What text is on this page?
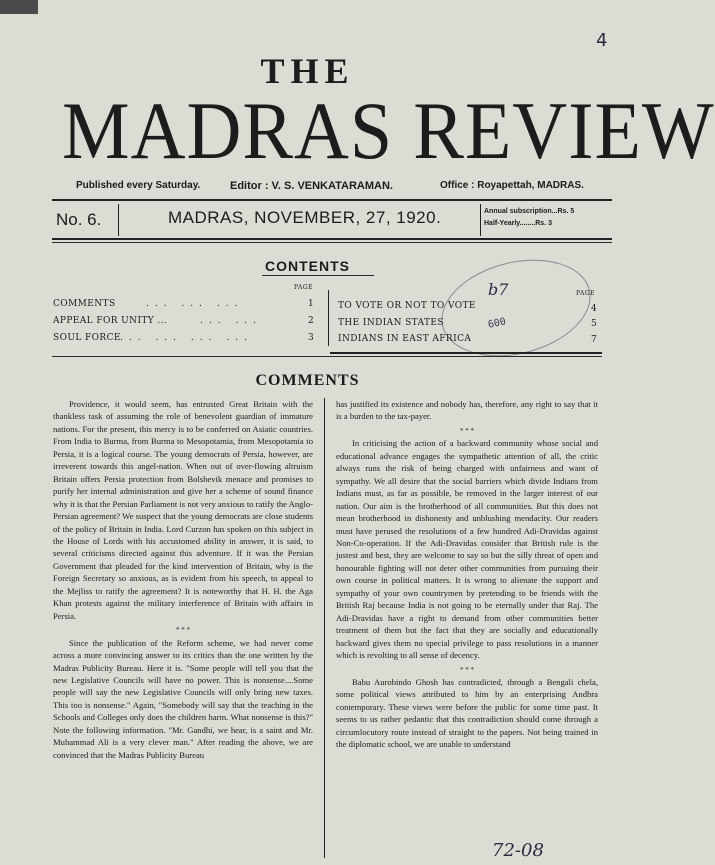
4
THE
MADRAS REVIEW
Published every Saturday.	Editor : V. S. VENKATARAMAN.	Office : Royapettah, MADRAS.
No. 6.	MADRAS, NOVEMBER, 27, 1920.	Annual subscription...Rs. 5
Half-Yearly........Rs. 3
CONTENTS
PAGE
PAGE
COMMENTS	... ... ...	1
APPEAL FOR UNITY ...	... ...	2
SOUL FORCE ... ... ... ...	3
TO VOTE OR NOT TO VOTE	4
THE INDIAN STATES	5
INDIANS IN EAST AFRICA	7
b7
600
COMMENTS

Providence, it would seem, has entrusted Great Britain with the thankless task of assuming the role of benevolent guardian of immature nations. For the present, this mercy is to be conferred on Asiatic countries. From India to Burma, from Burma to Mesopotamia, from Mesopotamia to Persia, it is a logical course. The young democrats of Persia, however, are irreverent towards this angel-nation. When out of over-flowing altruism Britain offers Persia protection from Bolshevik menace and promises to purify her internal administration and give her a scheme of sound finance why it is that the Persian Parliament is not very anxious to ratify the Anglo-Persian agreement? We suspect that the young democrats are close students of the policy of Britain in India. Lord Curzon has spoken on this subject in the House of Lords with his accustomed ability in answer, it is said, to several criticisms directed against this adventure. If it was the Persian Government that pleaded for the kind intervention of Britain, why is the Foreign Secretary so anxious, as is evident from his speech, to appeal to the Mejliss to ratify the agreement? It is noteworthy that H. H. the Aga Khan protests against the military interference of Britain with affairs in Persia.

* * *

Since the publication of the Reform scheme, we had never come across a more convincing answer to its critics than the one written by the Madras Publicity Bureau. Here it is. "Some people will tell you that the new Legislative Councils will have no power. This is nonsense....Some people will say the new Legislative Councils will only bring new taxes. This too is nonsense." Again, "Somebody will say that the teaching in the Schools and Colleges only does the children harm. What nonsense is this?" Note the following information. "Mr. Gandhi, we hear, is a saint and Mr. Muhammad Ali is a very clever man." After reading the above, we are convinced that the Madras Publicity Bureau

has justified its existence and nobody has, therefore, any right to say that it is a burden to the tax-payer.

* * *

In criticising the action of a backward community whose social and educational advance engages the sympathetic attention of all, the critic always runs the risk of being charged with unfairness and want of sympathy. We all desire that the social barriers which divide Indians from Indians must, as far as possible, be removed in the larger interest of our nation. Our aim is the brotherhood of all communities. But this does not mean brotherhood in dishonesty and unblushing mendacity. Our readers must have perused the resolutions of a few hundred Adi-Dravidas against Non-Co-operation. If the Adi-Dravidas consider that British rule is the justest and best, they are welcome to say so but the silly threat of open and honourable fighting will not deter other communities from pursuing their own course in political matters. It is wrong to alienate the support and sympathy of your own countrymen by pretending to be friends with the British Raj because India is not going to be eternally under that Raj. The Adi-Dravidas have a right to demand from other communities better treatment of them but the fact that they are socially and educationally backward gives them no special privilege to pass resolutions in a manner which is revolting to all sense of decency.

* * *

Babu Aurobindo Ghosh has contradicted, through a Bengali chela, some political views attributed to him by an enterprising Andhra contemporary. These views were before the public for some time past. It seems to us rather pedantic that this contradiction should come through a circumlocutory route instead of straight to the papers. Not being trained in the diplomatic school, we are unable to understand

72-08
